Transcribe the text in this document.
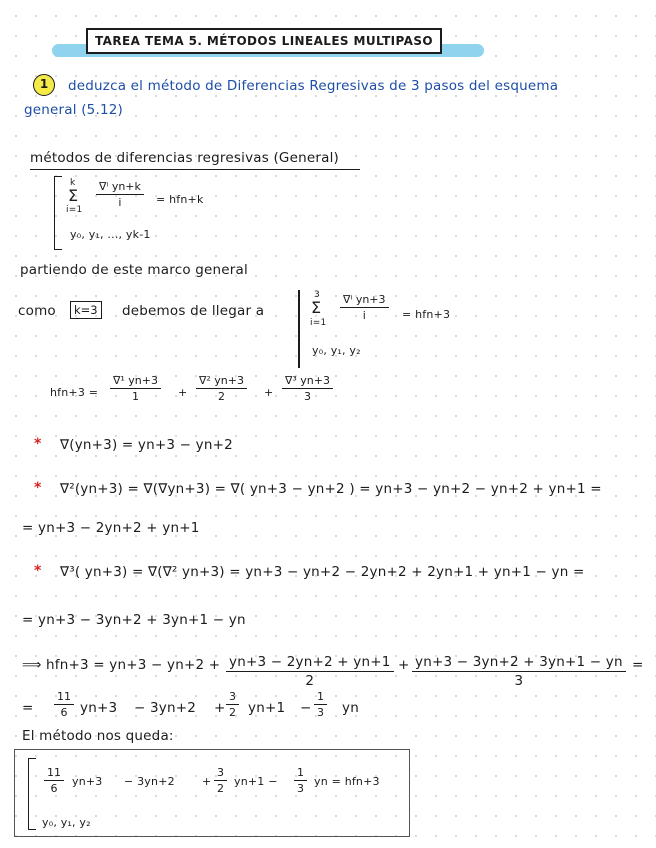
TAREA TEMA 5. MÉTODOS LINEALES MULTIPASO
1	deduzca el método de Diferencias Regresivas de 3 pasos del esquema
general (5.12)
métodos de diferencias regresivas (General)
k
Σ
i=1
∇ⁱ yn+k
i	= hfn+k
y₀, y₁, ..., yk-1
partiendo de este marco general
como	k=3 debemos de llegar a
3
Σ
i=1
∇ⁱ yn+3
i	= hfn+3
y₀, y₁, y₂
hfn+3 =
∇¹ yn+3
1	+
∇² yn+3
2	+
∇³ yn+3
3
* ∇(yn+3) = yn+3 − yn+2
* ∇²(yn+3) = ∇(∇yn+3) = ∇( yn+3 − yn+2 ) = yn+3 − yn+2 − yn+2 + yn+1 =
= yn+3 − 2yn+2 + yn+1
* ∇³( yn+3) = ∇(∇² yn+3) = yn+3 − yn+2 − 2yn+2 + 2yn+1 + yn+1 − yn =
= yn+3 − 3yn+2 + 3yn+1 − yn
⟹ hfn+3 = yn+3 − yn+2 + yn+3 − 2yn+2 + yn+1
2
+ yn+3 − 3yn+2 + 3yn+1 − yn
3
=
=
11
6 yn+3 − 3yn+2 +
3
2 yn+1 −
1
3 yn
El método nos queda:
11
6
yn+3 − 3yn+2 +
3
2
yn+1 −
1
3
yn = hfn+3
y₀, y₁, y₂
